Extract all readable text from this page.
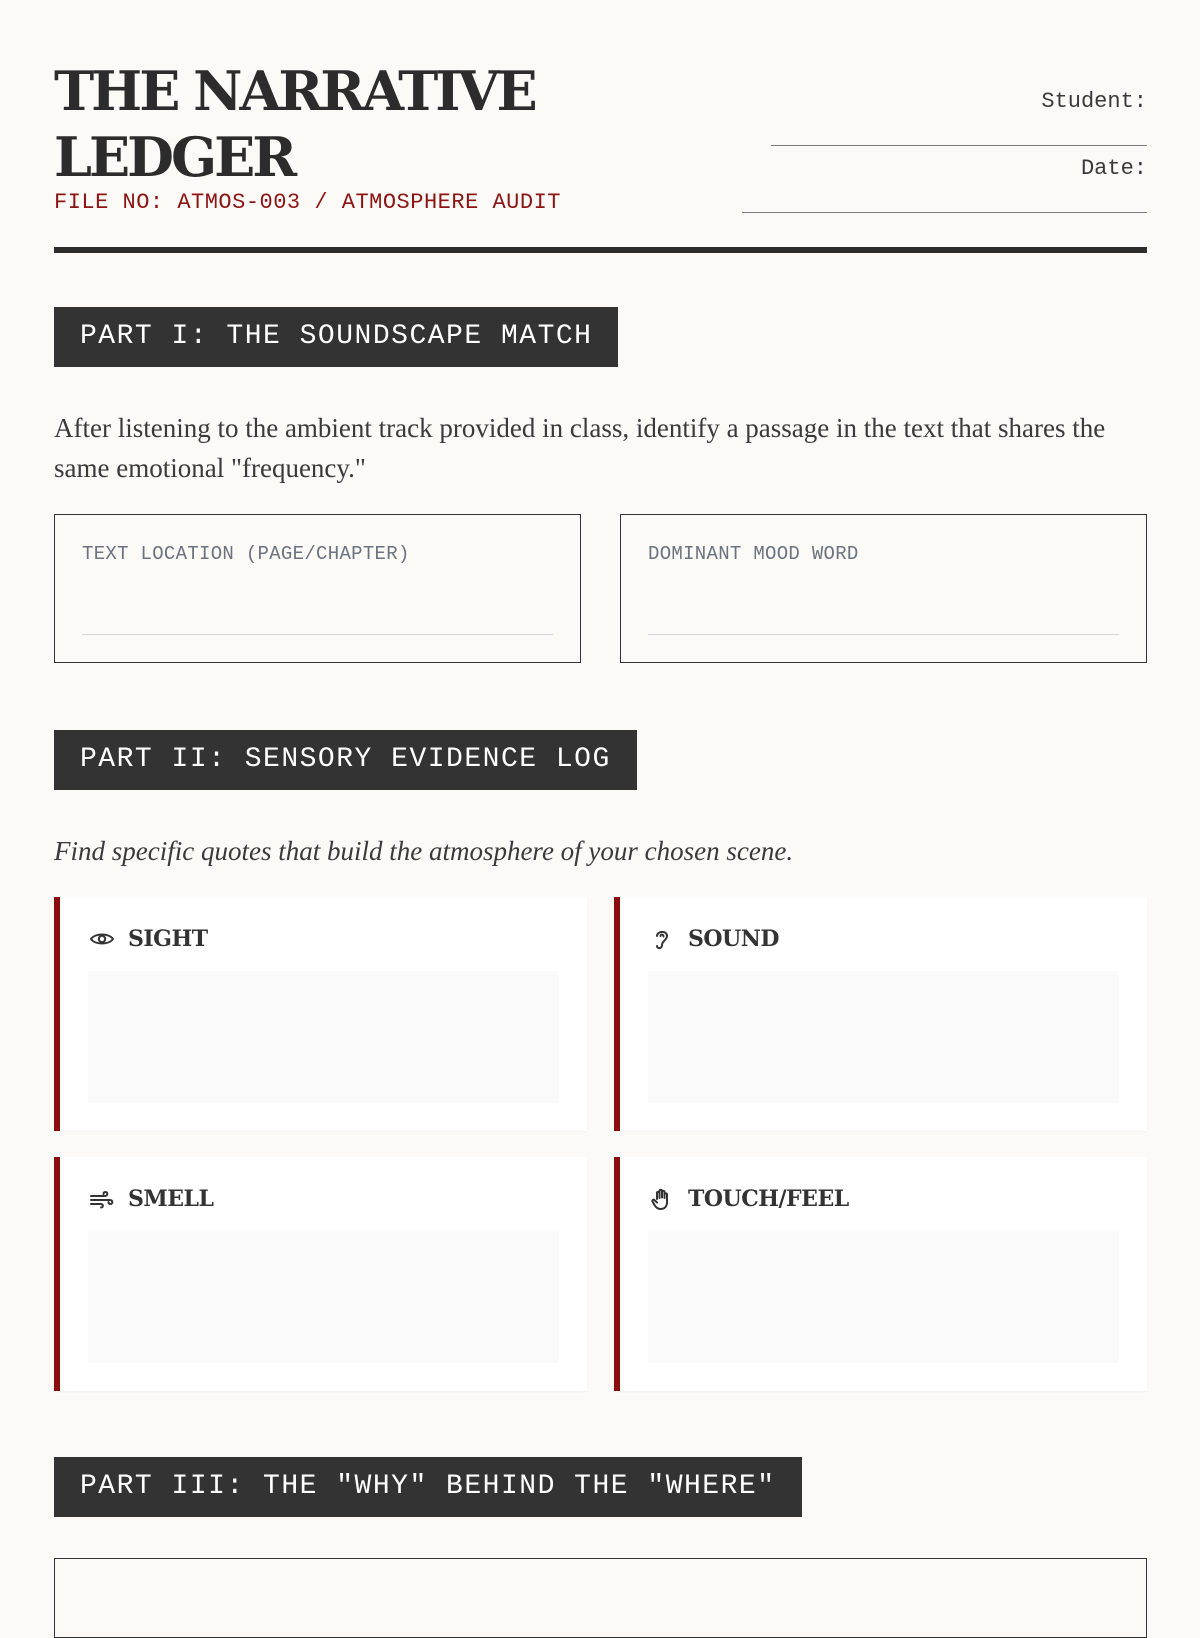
THE NARRATIVE LEDGER
FILE NO: ATMOS-003 / ATMOSPHERE AUDIT
Student:
Date:
PART I: THE SOUNDSCAPE MATCH

After listening to the ambient track provided in class, identify a passage in the text that shares the same emotional "frequency."

TEXT LOCATION (PAGE/CHAPTER)	DOMINANT MOOD WORD
PART II: SENSORY EVIDENCE LOG

Find specific quotes that build the atmosphere of your chosen scene.

SIGHT	SOUND
SMELL	TOUCH/FEEL
PART III: THE "WHY" BEHIND THE "WHERE"
